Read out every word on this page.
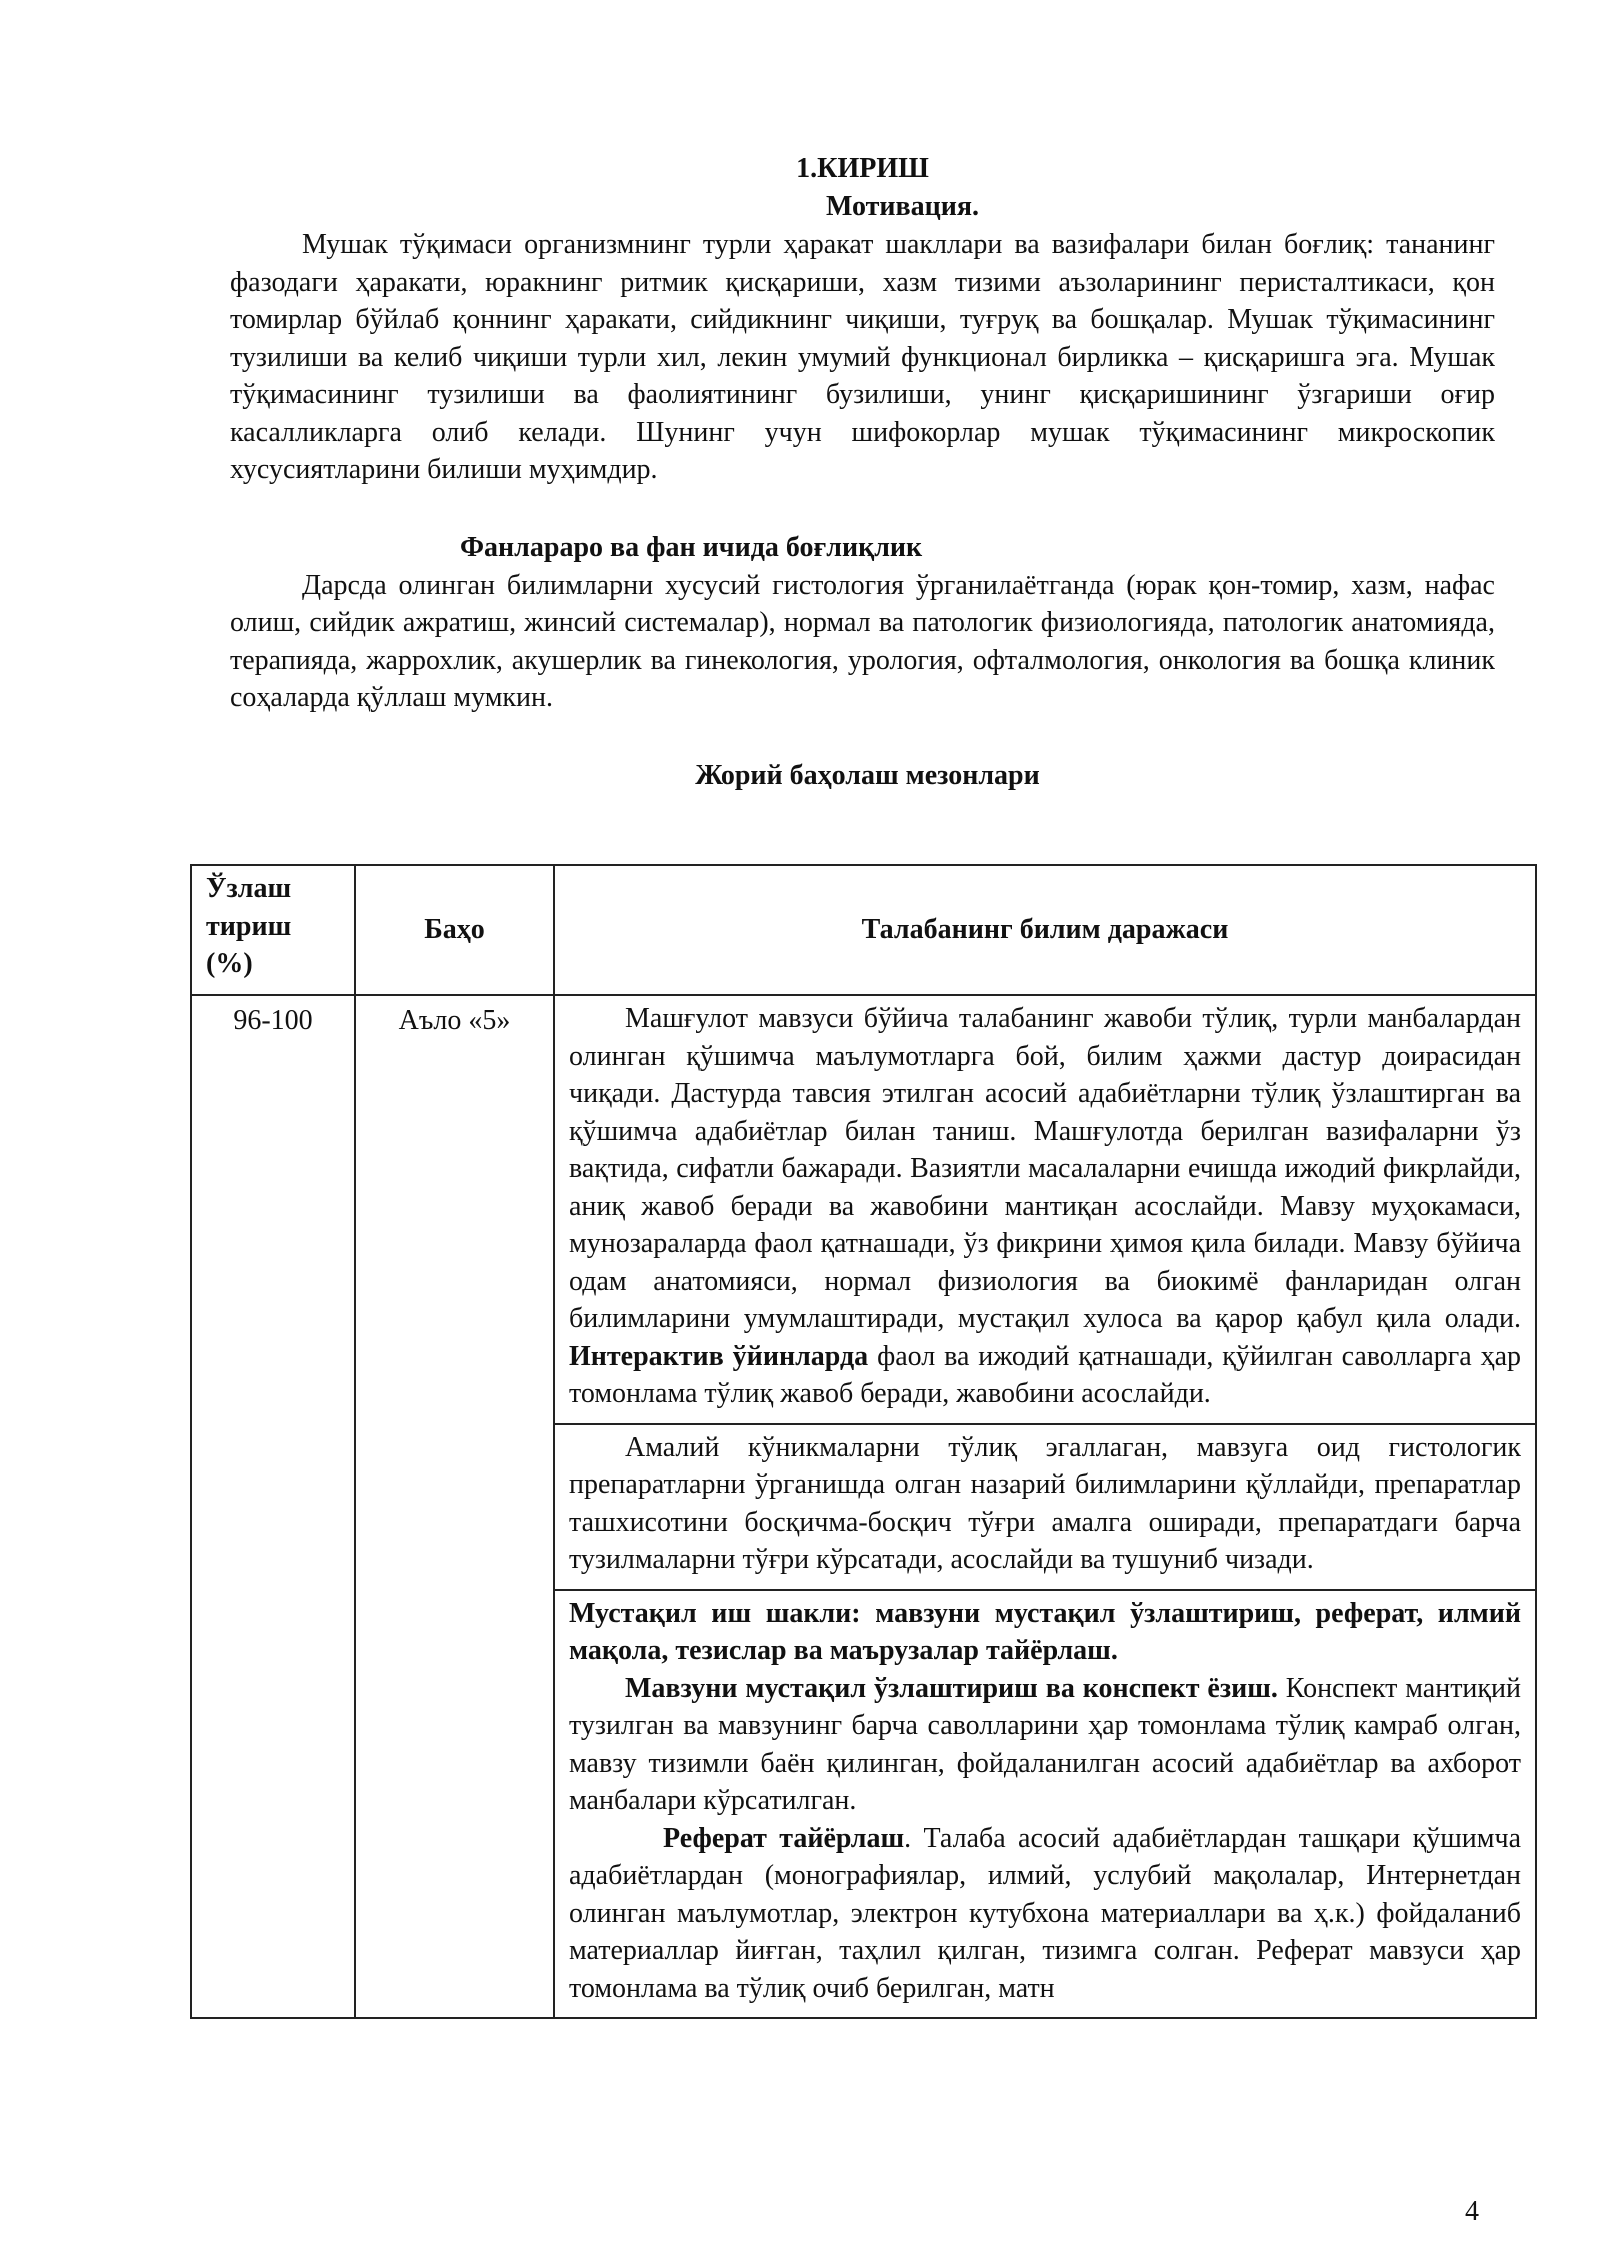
1.КИРИШ

Мотивация.

Мушак тўқимаси организмнинг турли ҳаракат шакллари ва вазифалари билан боғлиқ: тананинг фазодаги ҳаракати, юракнинг ритмик қисқариши, хазм тизими аъзоларининг перисталтикаси, қон томирлар бўйлаб қоннинг ҳаракати, сийдикнинг чиқиши, туғруқ ва бошқалар. Мушак тўқимасининг тузилиши ва келиб чиқиши турли хил, лекин умумий функционал бирликка – қисқаришга эга. Мушак тўқимасининг тузилиши ва фаолиятининг бузилиши, унинг қисқаришининг ўзгариши оғир касалликларга олиб келади. Шунинг учун шифокорлар мушак тўқимасининг микроскопик хусусиятларини билиши муҳимдир.

Фанлараро ва фан ичида боғлиқлик

Дарсда олинган билимларни хусусий гистология ўрганилаётганда (юрак қон-томир, хазм, нафас олиш, сийдик ажратиш, жинсий системалар), нормал ва патологик физиологияда, патологик анатомияда, терапияда, жаррохлик, акушерлик ва гинекология, урология, офталмология, онкология ва бошқа клиник соҳаларда қўллаш мумкин.

Жорий баҳолаш мезонлари

Ўзлаш тириш (%)	Баҳо	Талабанинг билим даражаси
96-100	Аъло «5»	Машғулот мавзуси бўйича талабанинг жавоби тўлиқ, турли манбалардан олинган қўшимча маълумотларга бой, билим ҳажми дастур доирасидан чиқади. Дастурда тавсия этилган асосий адабиётларни тўлиқ ўзлаштирган ва қўшимча адабиётлар билан таниш. Машғулотда берилган вазифаларни ўз вақтида, сифатли бажаради. Вазиятли масалаларни ечишда ижодий фикрлайди, аниқ жавоб беради ва жавобини мантиқан асослайди. Мавзу муҳокамаси, мунозараларда фаол қатнашади, ўз фикрини ҳимоя қила билади. Мавзу бўйича одам анатомияси, нормал физиология ва биокимё фанларидан олган билимларини умумлаштиради, мустақил хулоса ва қарор қабул қила олади. Интерактив ўйинларда фаол ва ижодий қатнашади, қўйилган саволларга ҳар томонлама тўлиқ жавоб беради, жавобини асослайди.

		Амалий кўникмаларни тўлиқ эгаллаган, мавзуга оид гистологик препаратларни ўрганишда олган назарий билимларини қўллайди, препаратлар ташхисотини босқичма-босқич тўғри амалга оширади, препаратдаги барча тузилмаларни тўғри кўрсатади, асослайди ва тушуниб чизади.

		Мустақил иш шакли: мавзуни мустақил ўзлаштириш, реферат, илмий мақола, тезислар ва маърузалар тайёрлаш.

Мавзуни мустақил ўзлаштириш ва конспект ёзиш. Конспект мантиқий тузилган ва мавзунинг барча саволларини ҳар томонлама тўлиқ камраб олган, мавзу тизимли баён қилинган, фойдаланилган асосий адабиётлар ва ахборот манбалари кўрсатилган.

Реферат тайёрлаш. Талаба асосий адабиётлардан ташқари қўшимча адабиётлардан (монографиялар, илмий, услубий мақолалар, Интернетдан олинган маълумотлар, электрон кутубхона материаллари ва ҳ.к.) фойдаланиб материаллар йиғган, таҳлил қилган, тизимга солган. Реферат мавзуси ҳар томонлама ва тўлиқ очиб берилган, матн

4
